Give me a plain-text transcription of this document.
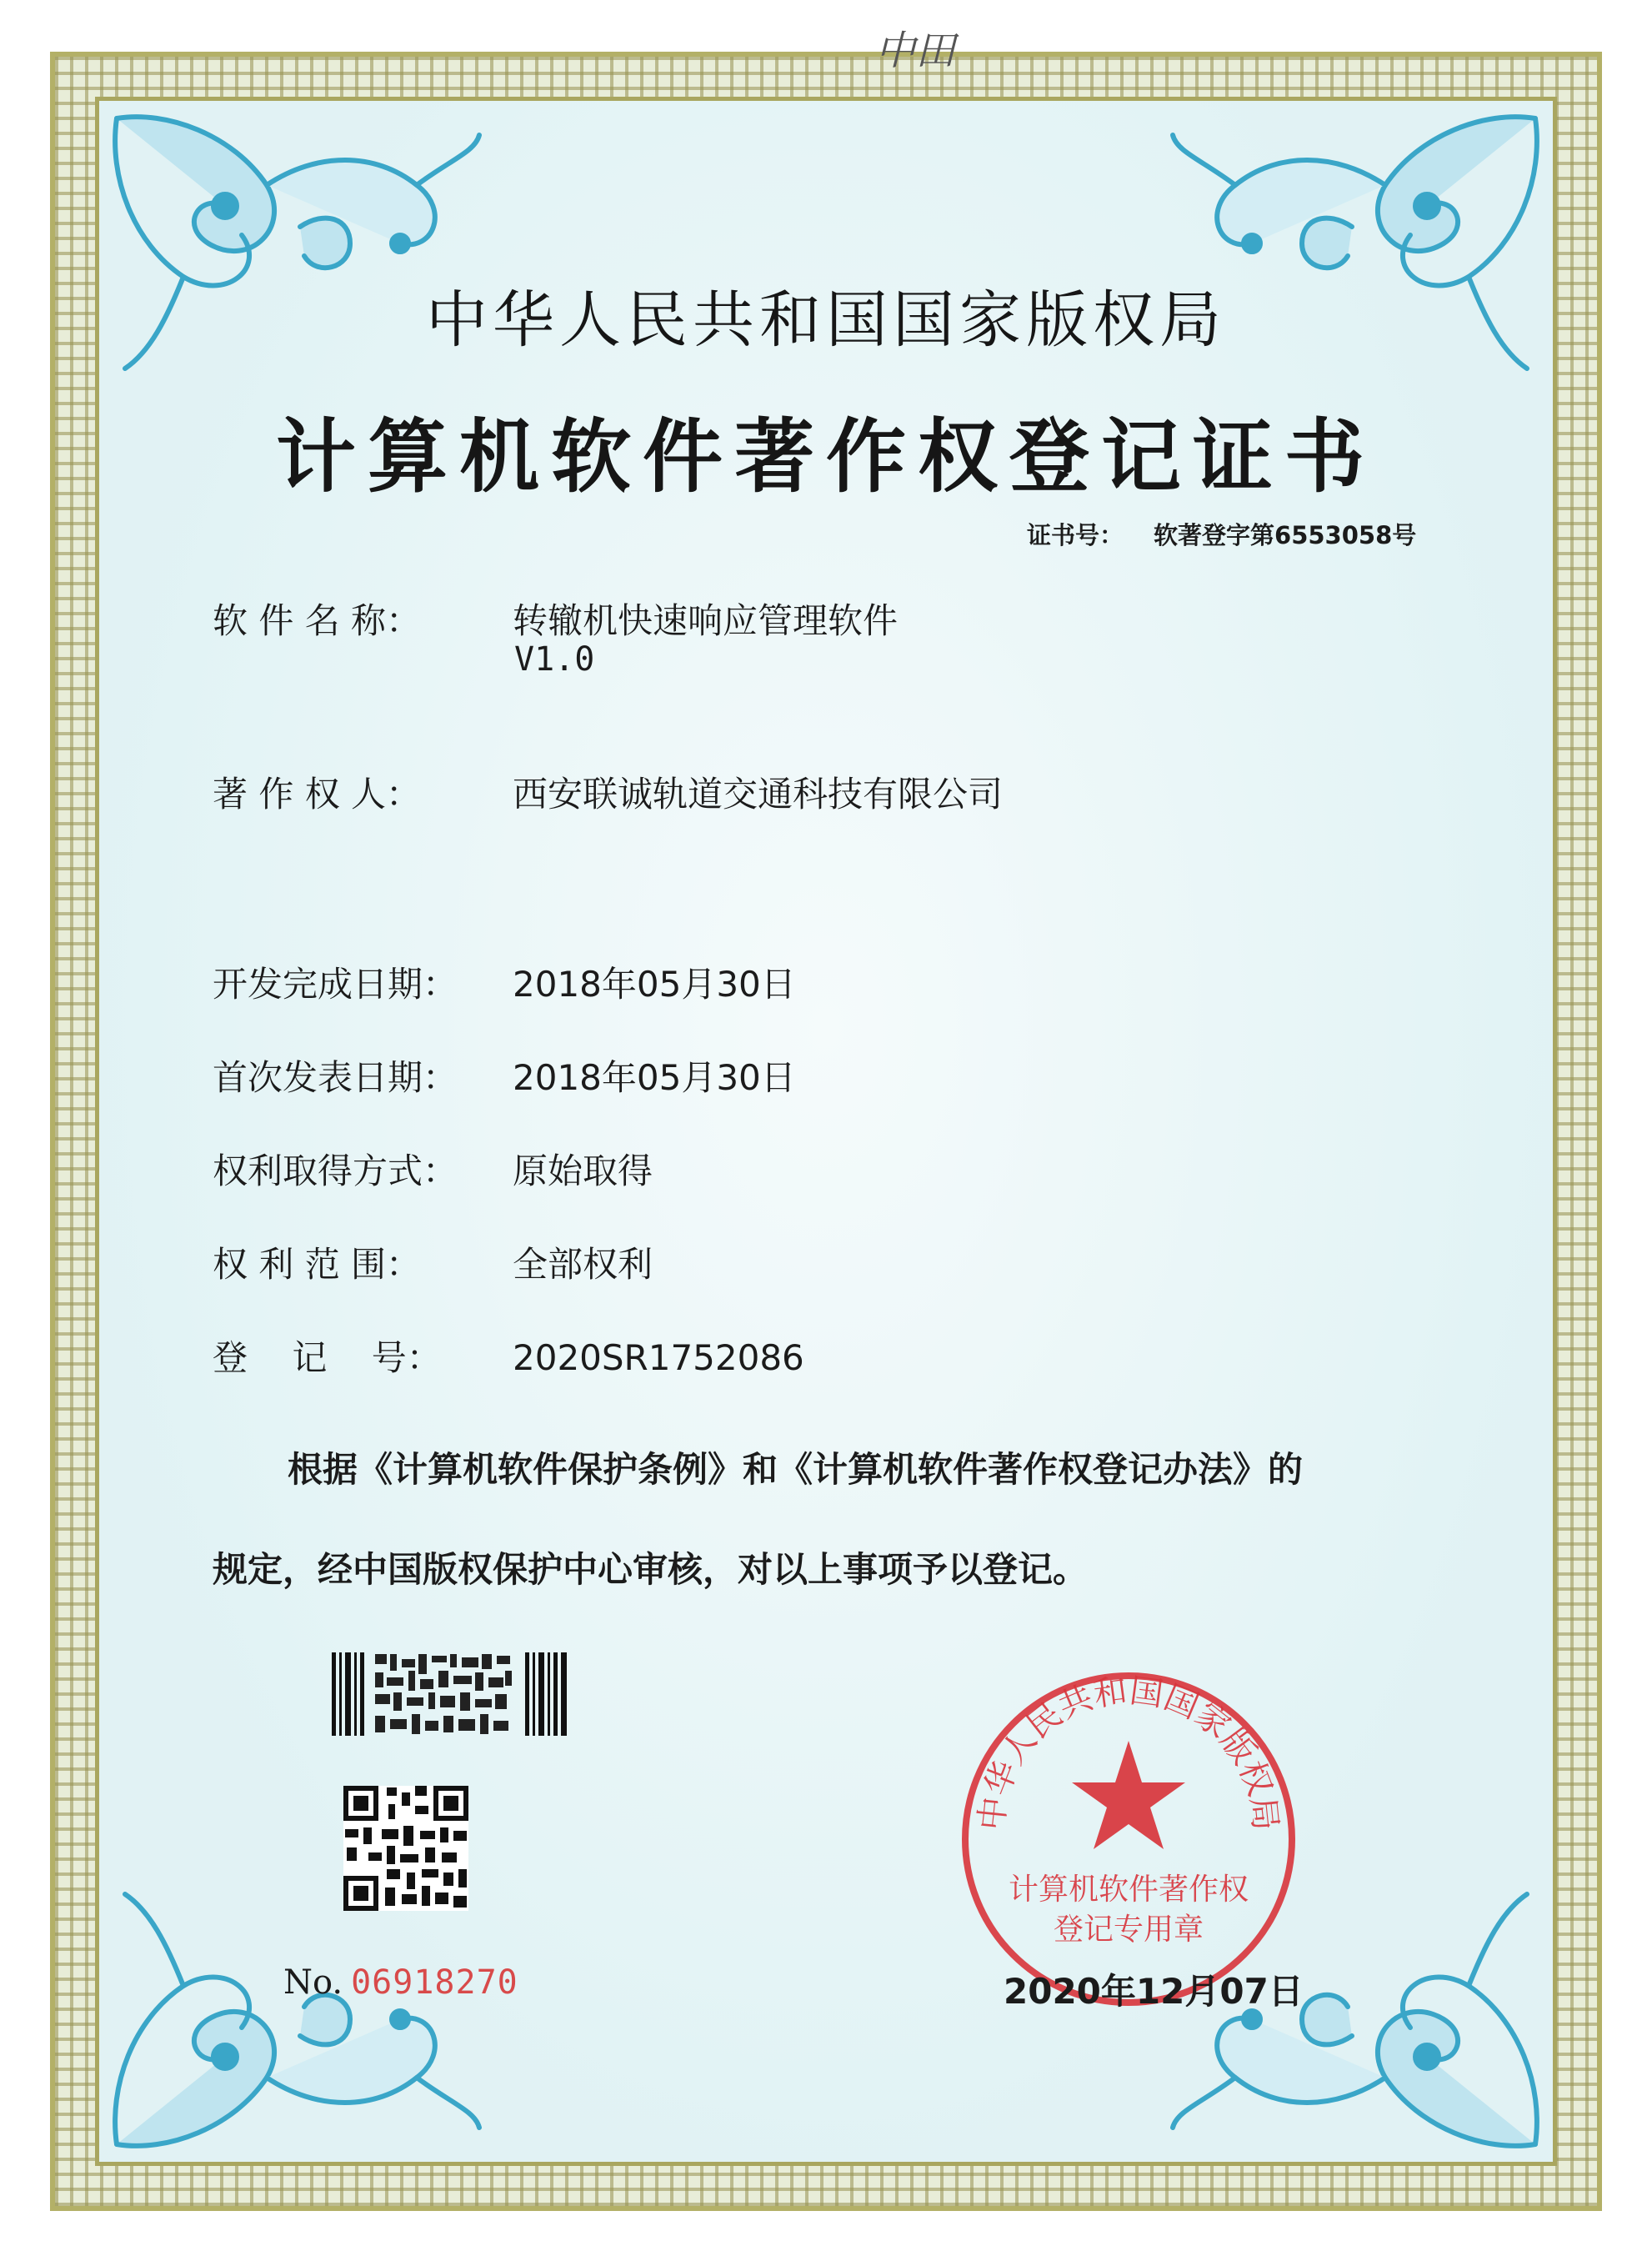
中田
中华人民共和国国家版权局
计算机软件著作权登记证书
证书号： 软著登字第6553058号
软 件 名 称：	转辙机快速响应管理软件
V1.0
著 作 权 人：	西安联诚轨道交通科技有限公司
开发完成日期： 2018年05月30日
首次发表日期： 2018年05月30日
权利取得方式： 原始取得
权 利 范 围：	全部权利
登    记    号： 2020SR1752086
根据《计算机软件保护条例》和《计算机软件著作权登记办法》的
规定，经中国版权保护中心审核，对以上事项予以登记。
No. 06918270
中华人民共和国国家版权局
计算机软件著作权
登记专用章
2020年12月07日
